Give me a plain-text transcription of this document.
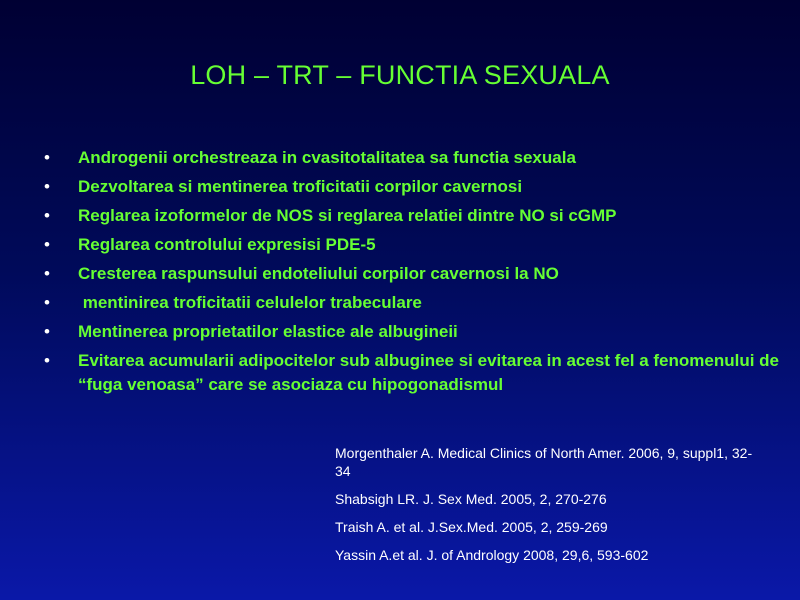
LOH – TRT – FUNCTIA SEXUALA
• Androgenii orchestreaza in cvasitotalitatea sa functia sexuala
• Dezvoltarea si mentinerea troficitatii corpilor cavernosi
• Reglarea izoformelor de NOS si reglarea relatiei dintre NO si cGMP
• Reglarea controlului expresisi PDE-5
• Cresterea raspunsului endoteliului corpilor cavernosi la NO
• mentinirea troficitatii celulelor trabeculare
• Mentinerea proprietatilor elastice ale albugineii
• Evitarea acumularii adipocitelor sub albuginee si evitarea in acest fel a fenomenului de “fuga venoasa” care se asociaza cu hipogonadismul
Morgenthaler A. Medical Clinics of North Amer. 2006, 9, suppl1, 32-34
Shabsigh LR. J. Sex Med. 2005, 2, 270-276
Traish A. et al. J.Sex.Med. 2005, 2, 259-269
Yassin A.et al. J. of Andrology 2008, 29,6, 593-602
